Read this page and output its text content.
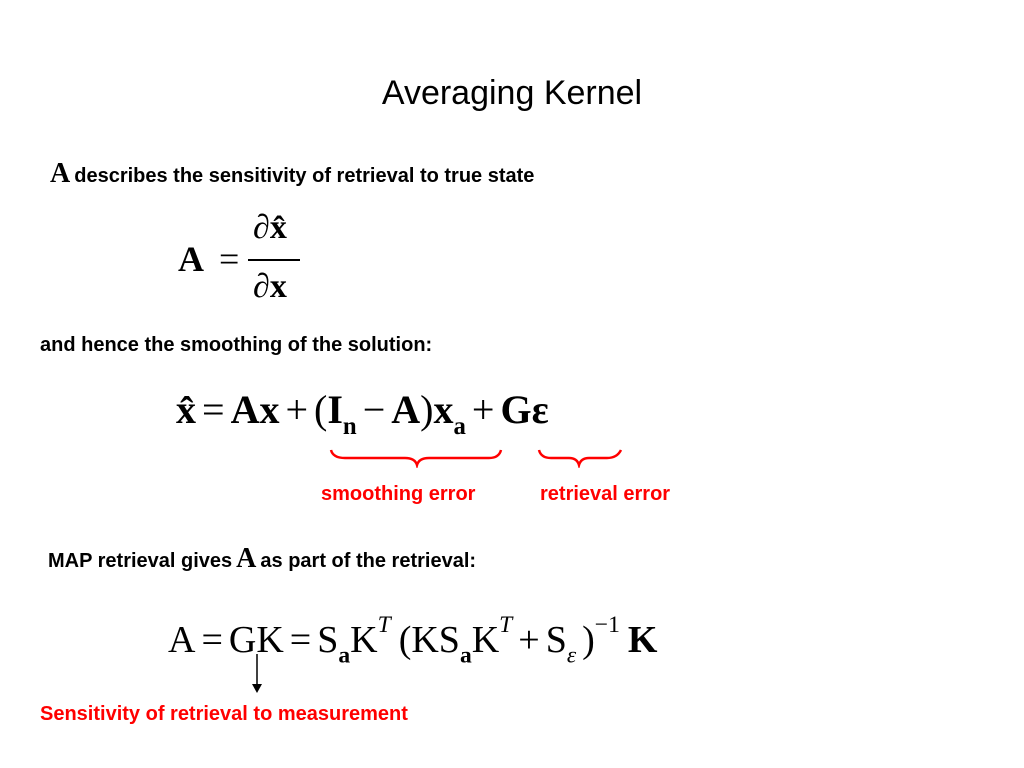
Averaging Kernel
A describes the sensitivity of retrieval to true state
A =
∂x̂
∂x
and hence the smoothing of the solution:
x̂ = $Ax + (I_n - A)x_a + G\varepsilon$
smoothing error	retrieval error
MAP retrieval gives A as part of the retrieval:
A = GK = $S_aK^T$ ($KS_aK^T + S_\varepsilon$ )$^{-1}$ K
Sensitivity of retrieval to measurement
